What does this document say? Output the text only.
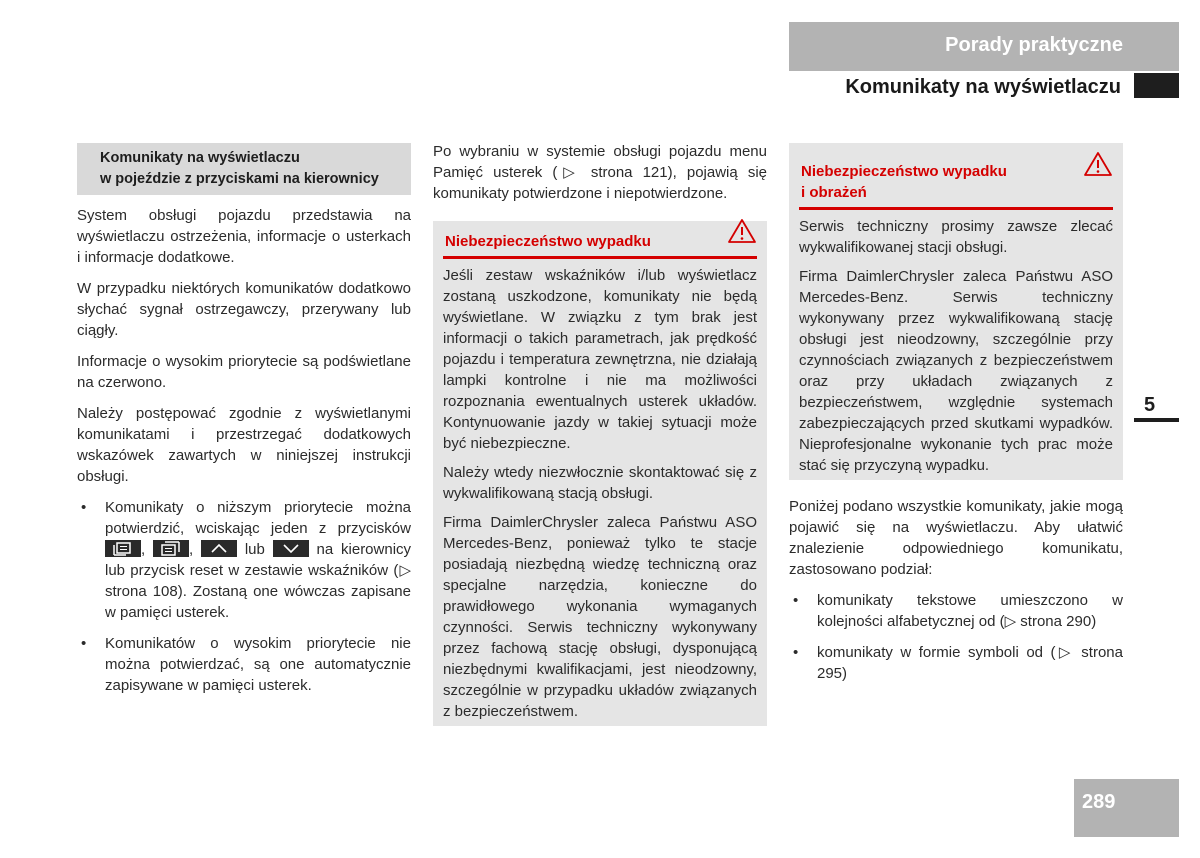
Porady praktyczne
Komunikaty na wyświetlaczu
5
289
Komunikaty na wyświetlaczu
w pojeździe z przyciskami na kierownicy

System obsługi pojazdu przedstawia na wyświetlaczu ostrzeżenia, informacje o usterkach i informacje dodatkowe.

W przypadku niektórych komunikatów dodatkowo słychać sygnał ostrzegawczy, przerywany lub ciągły.

Informacje o wysokim priorytecie są podświetlane na czerwono.

Należy postępować zgodnie z wyświetlanymi komunikatami i przestrzegać dodatkowych wskazówek zawartych w niniejszej instrukcji obsługi.

• Komunikaty o niższym priorytecie można potwierdzić, wciskając jeden z przycisków
,	,	lub	na kierownicy lub przycisk reset w zestawie wskaźników (▷ strona 108). Zostaną one wówczas zapisane w pamięci usterek.
• Komunikatów o wysokim priorytecie nie można potwierdzać, są one automatycznie zapisywane w pamięci usterek.

Po wybraniu w systemie obsługi pojazdu menu Pamięć usterek (▷ strona 121), pojawią się komunikaty potwierdzone i niepotwierdzone.

Niebezpieczeństwo wypadku

Jeśli zestaw wskaźników i/lub wyświetlacz zostaną uszkodzone, komunikaty nie będą wyświetlane. W związku z tym brak jest informacji o takich parametrach, jak prędkość pojazdu i temperatura zewnętrzna, nie działają lampki kontrolne i nie ma możliwości rozpoznania ewentualnych usterek układów. Kontynuowanie jazdy w takiej sytuacji może być niebezpieczne.

Należy wtedy niezwłocznie skontaktować się z wykwalifikowaną stacją obsługi.

Firma DaimlerChrysler zaleca Państwu ASO Mercedes-Benz, ponieważ tylko te stacje posiadają niezbędną wiedzę techniczną oraz specjalne narzędzia, konieczne do prawidłowego wykonania wymaganych czynności. Serwis techniczny wykonywany przez fachową stację obsługi, dysponującą niezbędnymi kwalifikacjami, jest nieodzowny, szczególnie w przypadku układów związanych z bezpieczeństwem.

Niebezpieczeństwo wypadku
i obrażeń

Serwis techniczny prosimy zawsze zlecać wykwalifikowanej stacji obsługi.

Firma DaimlerChrysler zaleca Państwu ASO Mercedes-Benz. Serwis techniczny wykonywany przez wykwalifikowaną stację obsługi jest nieodzowny, szczególnie przy czynnościach związanych z bezpieczeństwem oraz przy układach związanych z bezpieczeństwem, względnie systemach zabezpieczających przed skutkami wypadków. Nieprofesjonalne wykonanie tych prac może stać się przyczyną wypadku.

Poniżej podano wszystkie komunikaty, jakie mogą pojawić się na wyświetlaczu. Aby ułatwić znalezienie odpowiedniego komunikatu, zastosowano podział:

• komunikaty tekstowe umieszczono w kolejności alfabetycznej od (▷ strona 290)
• komunikaty w formie symboli od (▷ strona 295)
